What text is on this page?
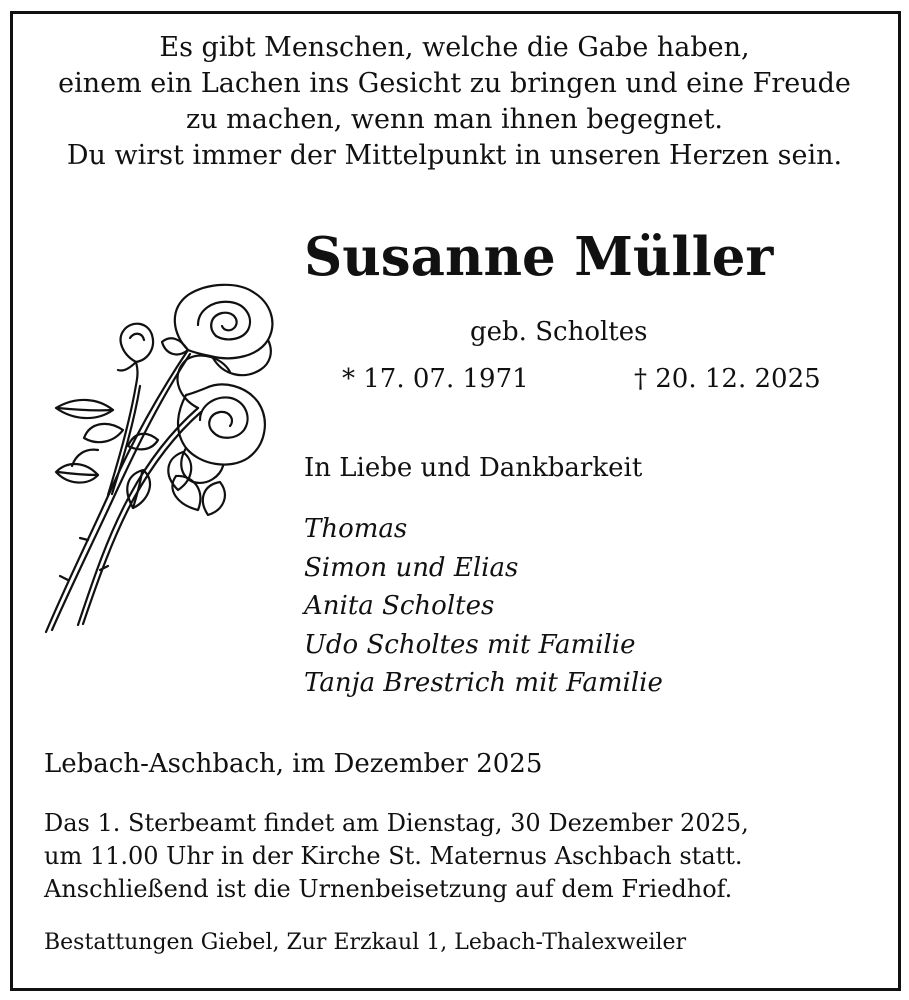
Es gibt Menschen, welche die Gabe haben,
einem ein Lachen ins Gesicht zu bringen und eine Freude
zu machen, wenn man ihnen begegnet.
Du wirst immer der Mittelpunkt in unseren Herzen sein.
Susanne Müller
geb. Scholtes
* 17. 07. 1971	† 20. 12. 2025
In Liebe und Dankbarkeit
Thomas
Simon und Elias
Anita Scholtes
Udo Scholtes mit Familie
Tanja Brestrich mit Familie
Lebach-Aschbach, im Dezember 2025
Das 1. Sterbeamt findet am Dienstag, 30 Dezember 2025,
um 11.00 Uhr in der Kirche St. Maternus Aschbach statt.
Anschließend ist die Urnenbeisetzung auf dem Friedhof.
Bestattungen Giebel, Zur Erzkaul 1, Lebach-Thalexweiler
